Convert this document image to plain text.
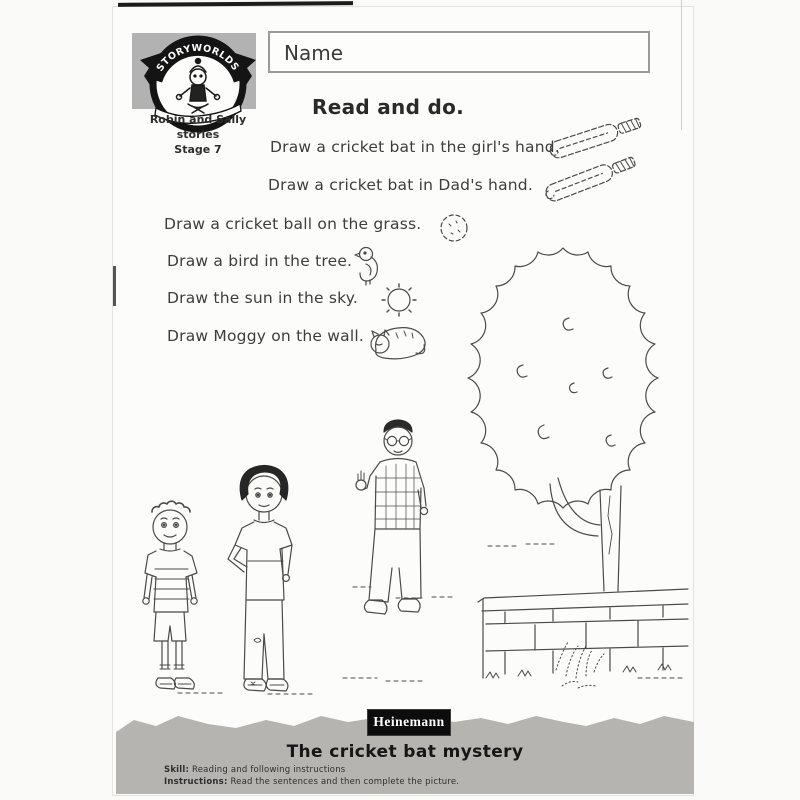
STORYWORLDS
Robin and Sally
stories
Stage 7
Name
Read and do.
Draw a cricket bat in the girl's hand.
Draw a cricket bat in Dad's hand.
Draw a cricket ball on the grass.
Draw a bird in the tree.
Draw the sun in the sky.
Draw Moggy on the wall.
Heinemann
The cricket bat mystery
Skill: Reading and following instructions
Instructions: Read the sentences and then complete the picture.
